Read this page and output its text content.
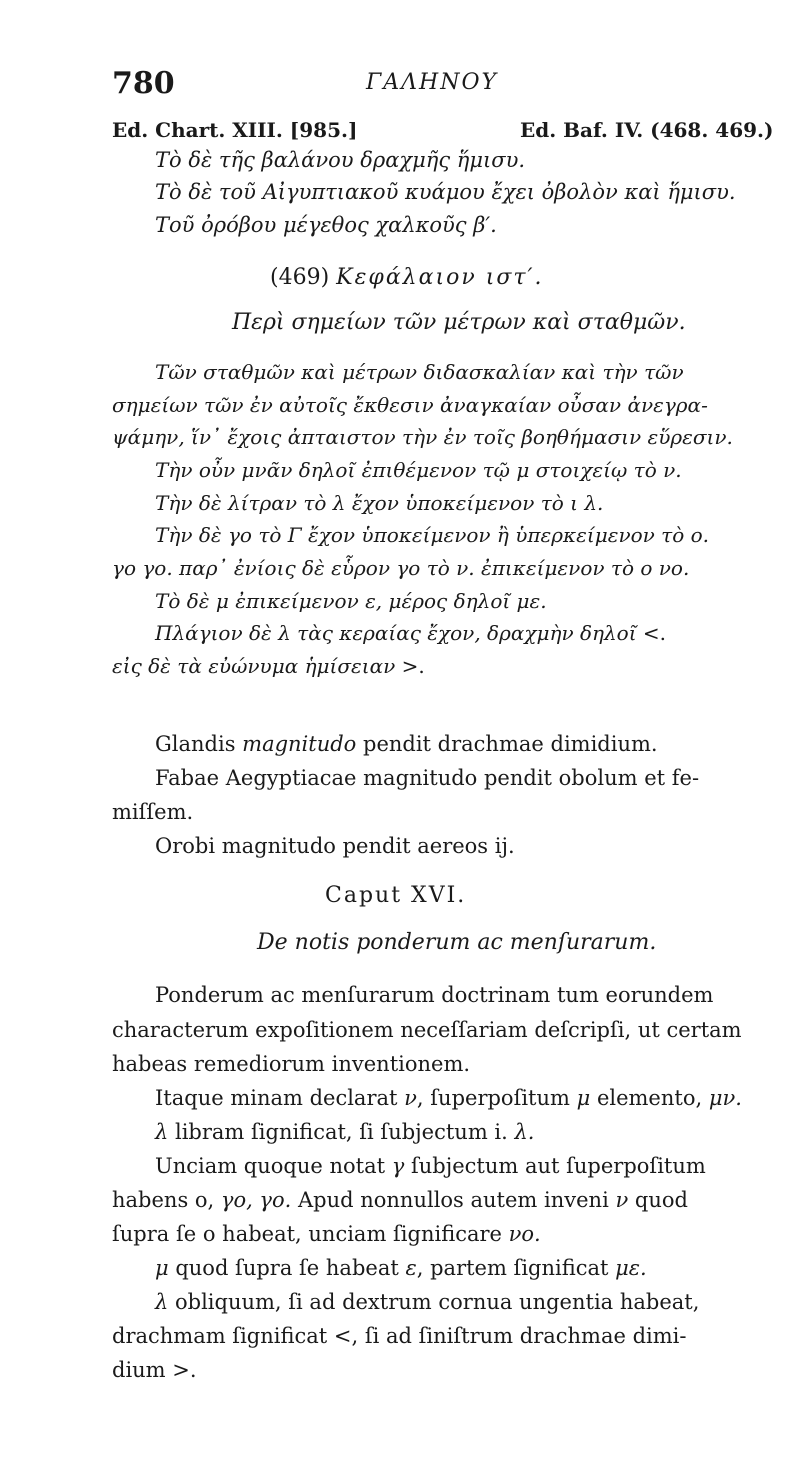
780	ΓΑΛΗΝΟΥ
Ed. Chart. XIII. [985.]	Ed. Baf. IV. (468. 469.)
Τὸ δὲ τῆς βαλάνου δραχμῆς ἥμισυ.
Τὸ δὲ τοῦ Αἰγυπτιακοῦ κυάμου ἔχει ὀβολὸν καὶ ἥμισυ.
Τοῦ ὀρόβου μέγεθος χαλκοῦς β′.
(469) Κεφάλαιον ιστ′.
Περὶ σημείων τῶν μέτρων καὶ σταθμῶν.
Τῶν σταθμῶν καὶ μέτρων διδασκαλίαν καὶ τὴν τῶν
σημείων τῶν ἐν αὐτοῖς ἔκθεσιν ἀναγκαίαν οὖσαν ἀνεγρα-
ψάμην, ἵν᾿ ἔχοις ἀπταιστον τὴν ἐν τοῖς βοηθήμασιν εὕρεσιν.
Τὴν οὖν μνᾶν δηλοῖ ἐπιθέμενον τῷ μ στοιχείῳ τὸ ν.
Τὴν δὲ λίτραν τὸ λ ἔχον ὑποκείμενον τὸ ι λ.
Τὴν δὲ γο τὸ Γ ἔχον ὑποκείμενον ἢ ὑπερκείμενον τὸ ο.
γο γο. παρ᾿ ἐνίοις δὲ εὗρον γο τὸ ν. ἐπικείμενον τὸ ο νο.
Τὸ δὲ μ ἐπικείμενον ε, μέρος δηλοῖ με.
Πλάγιον δὲ λ τὰς κεραίας ἔχον, δραχμὴν δηλοῖ <.
εἰς δὲ τὰ εὐώνυμα ἡμίσειαν >.
Glandis magnitudo pendit drachmae dimidium.
Fabae Aegyptiacae magnitudo pendit obolum et fe-
miſſem.
Orobi magnitudo pendit aereos ij.
Caput XVI.
De notis ponderum ac menſurarum.
Ponderum ac menſurarum doctrinam tum eorundem
characterum expoſitionem neceſſariam deſcripſi, ut certam
habeas remediorum inventionem.
Itaque minam declarat ν, ſuperpoſitum μ elemento, μν.
λ libram ſignificat, ſi ſubjectum i. λ.
Unciam quoque notat γ ſubjectum aut ſuperpoſitum
habens o, γο, γο. Apud nonnullos autem inveni ν quod
ſupra ſe o habeat, unciam ſignificare νο.
μ quod ſupra ſe habeat ε, partem ſignificat με.
λ obliquum, ſi ad dextrum cornua ungentia habeat,
drachmam ſignificat <, ſi ad ſiniſtrum drachmae dimi-
dium >.
